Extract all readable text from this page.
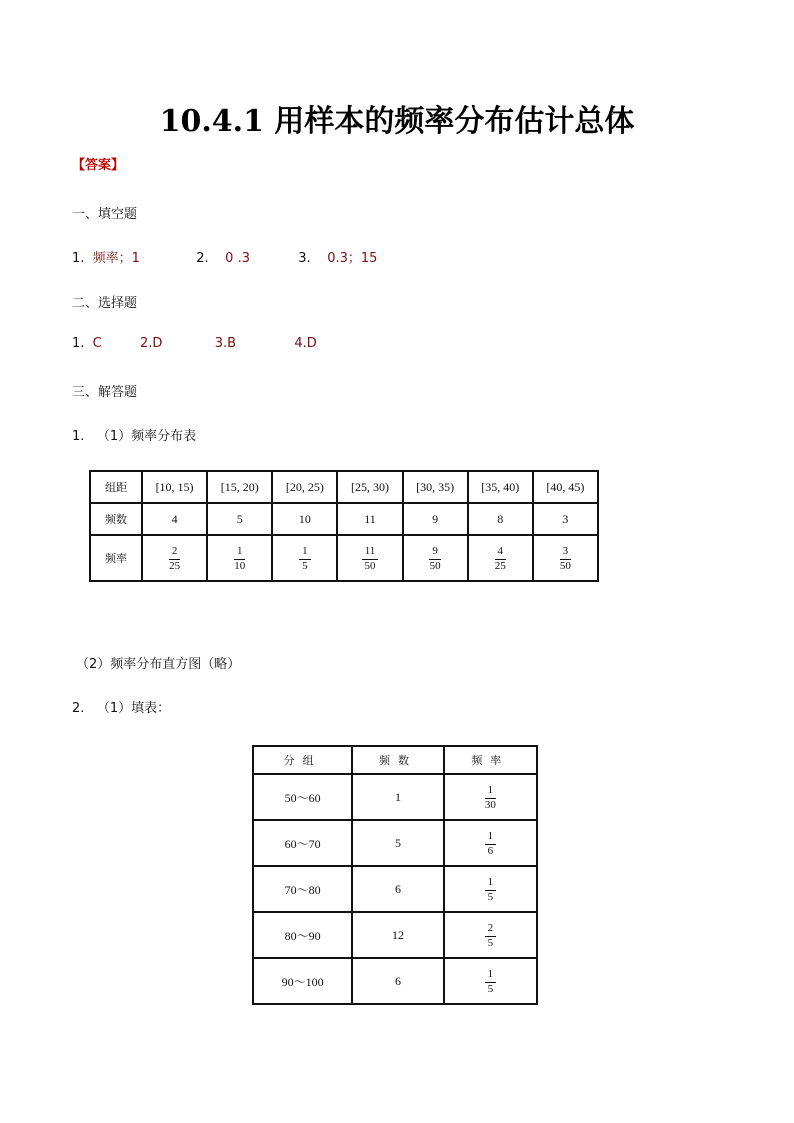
10.4.1 用样本的频率分布估计总体
【答案】
一、填空题
1. 频率；1	2. 0 .3	3. 0.3；15
二、选择题
1. C	2.D	3.B	4.D
三、解答题
1. （1）频率分布表
组距	[10, 15)	[15, 20)	[20, 25)	[25, 30)	[30, 35)	[35, 40)	[40, 45)
频数	4	5	10	11	9	8	3
频率	$\frac{2}{25}$	$\frac{1}{10}$	$\frac{1}{5}$	$\frac{11}{50}$	$\frac{9}{50}$	$\frac{4}{25}$	$\frac{3}{50}$
（2）频率分布直方图（略）
2. （1）填表：
分组	频数	频率
50～60	1	$\frac{1}{30}$

60～70	5	$\frac{1}{6}$

70～80	6	$\frac{1}{5}$

80～90	12	$\frac{2}{5}$

90～100	6	$\frac{1}{5}$
